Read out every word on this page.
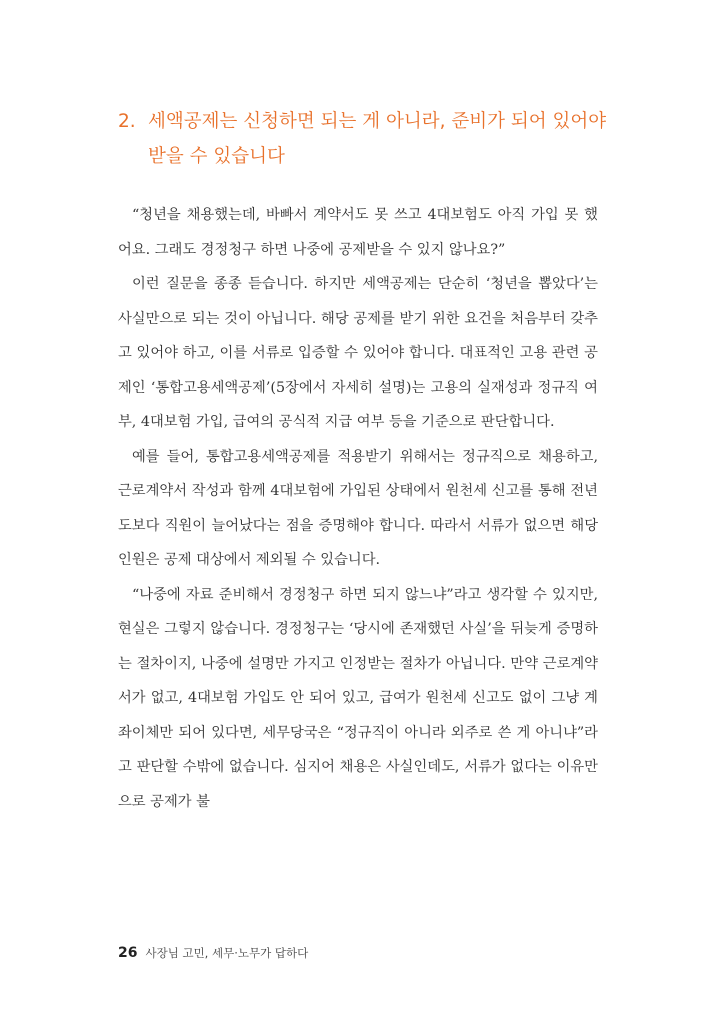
2. 세액공제는 신청하면 되는 게 아니라, 준비가 되어 있어야
받을 수 있습니다

“청년을 채용했는데, 바빠서 계약서도 못 쓰고 4대보험도 아직 가입 못 했어요. 그래도 경정청구 하면 나중에 공제받을 수 있지 않나요?”

이런 질문을 종종 듣습니다. 하지만 세액공제는 단순히 ‘청년을 뽑았다’는 사실만으로 되는 것이 아닙니다. 해당 공제를 받기 위한 요건을 처음부터 갖추고 있어야 하고, 이를 서류로 입증할 수 있어야 합니다. 대표적인 고용 관련 공제인 ‘통합고용세액공제’(5장에서 자세히 설명)는 고용의 실재성과 정규직 여부, 4대보험 가입, 급여의 공식적 지급 여부 등을 기준으로 판단합니다.

예를 들어, 통합고용세액공제를 적용받기 위해서는 정규직으로 채용하고, 근로계약서 작성과 함께 4대보험에 가입된 상태에서 원천세 신고를 통해 전년도보다 직원이 늘어났다는 점을 증명해야 합니다. 따라서 서류가 없으면 해당 인원은 공제 대상에서 제외될 수 있습니다.

“나중에 자료 준비해서 경정청구 하면 되지 않느냐”라고 생각할 수 있지만, 현실은 그렇지 않습니다. 경정청구는 ‘당시에 존재했던 사실’을 뒤늦게 증명하는 절차이지, 나중에 설명만 가지고 인정받는 절차가 아닙니다. 만약 근로계약서가 없고, 4대보험 가입도 안 되어 있고, 급여가 원천세 신고도 없이 그냥 계좌이체만 되어 있다면, 세무당국은 “정규직이 아니라 외주로 쓴 게 아니냐”라고 판단할 수밖에 없습니다. 심지어 채용은 사실인데도, 서류가 없다는 이유만으로 공제가 불

26 사장님 고민, 세무·노무가 답하다
